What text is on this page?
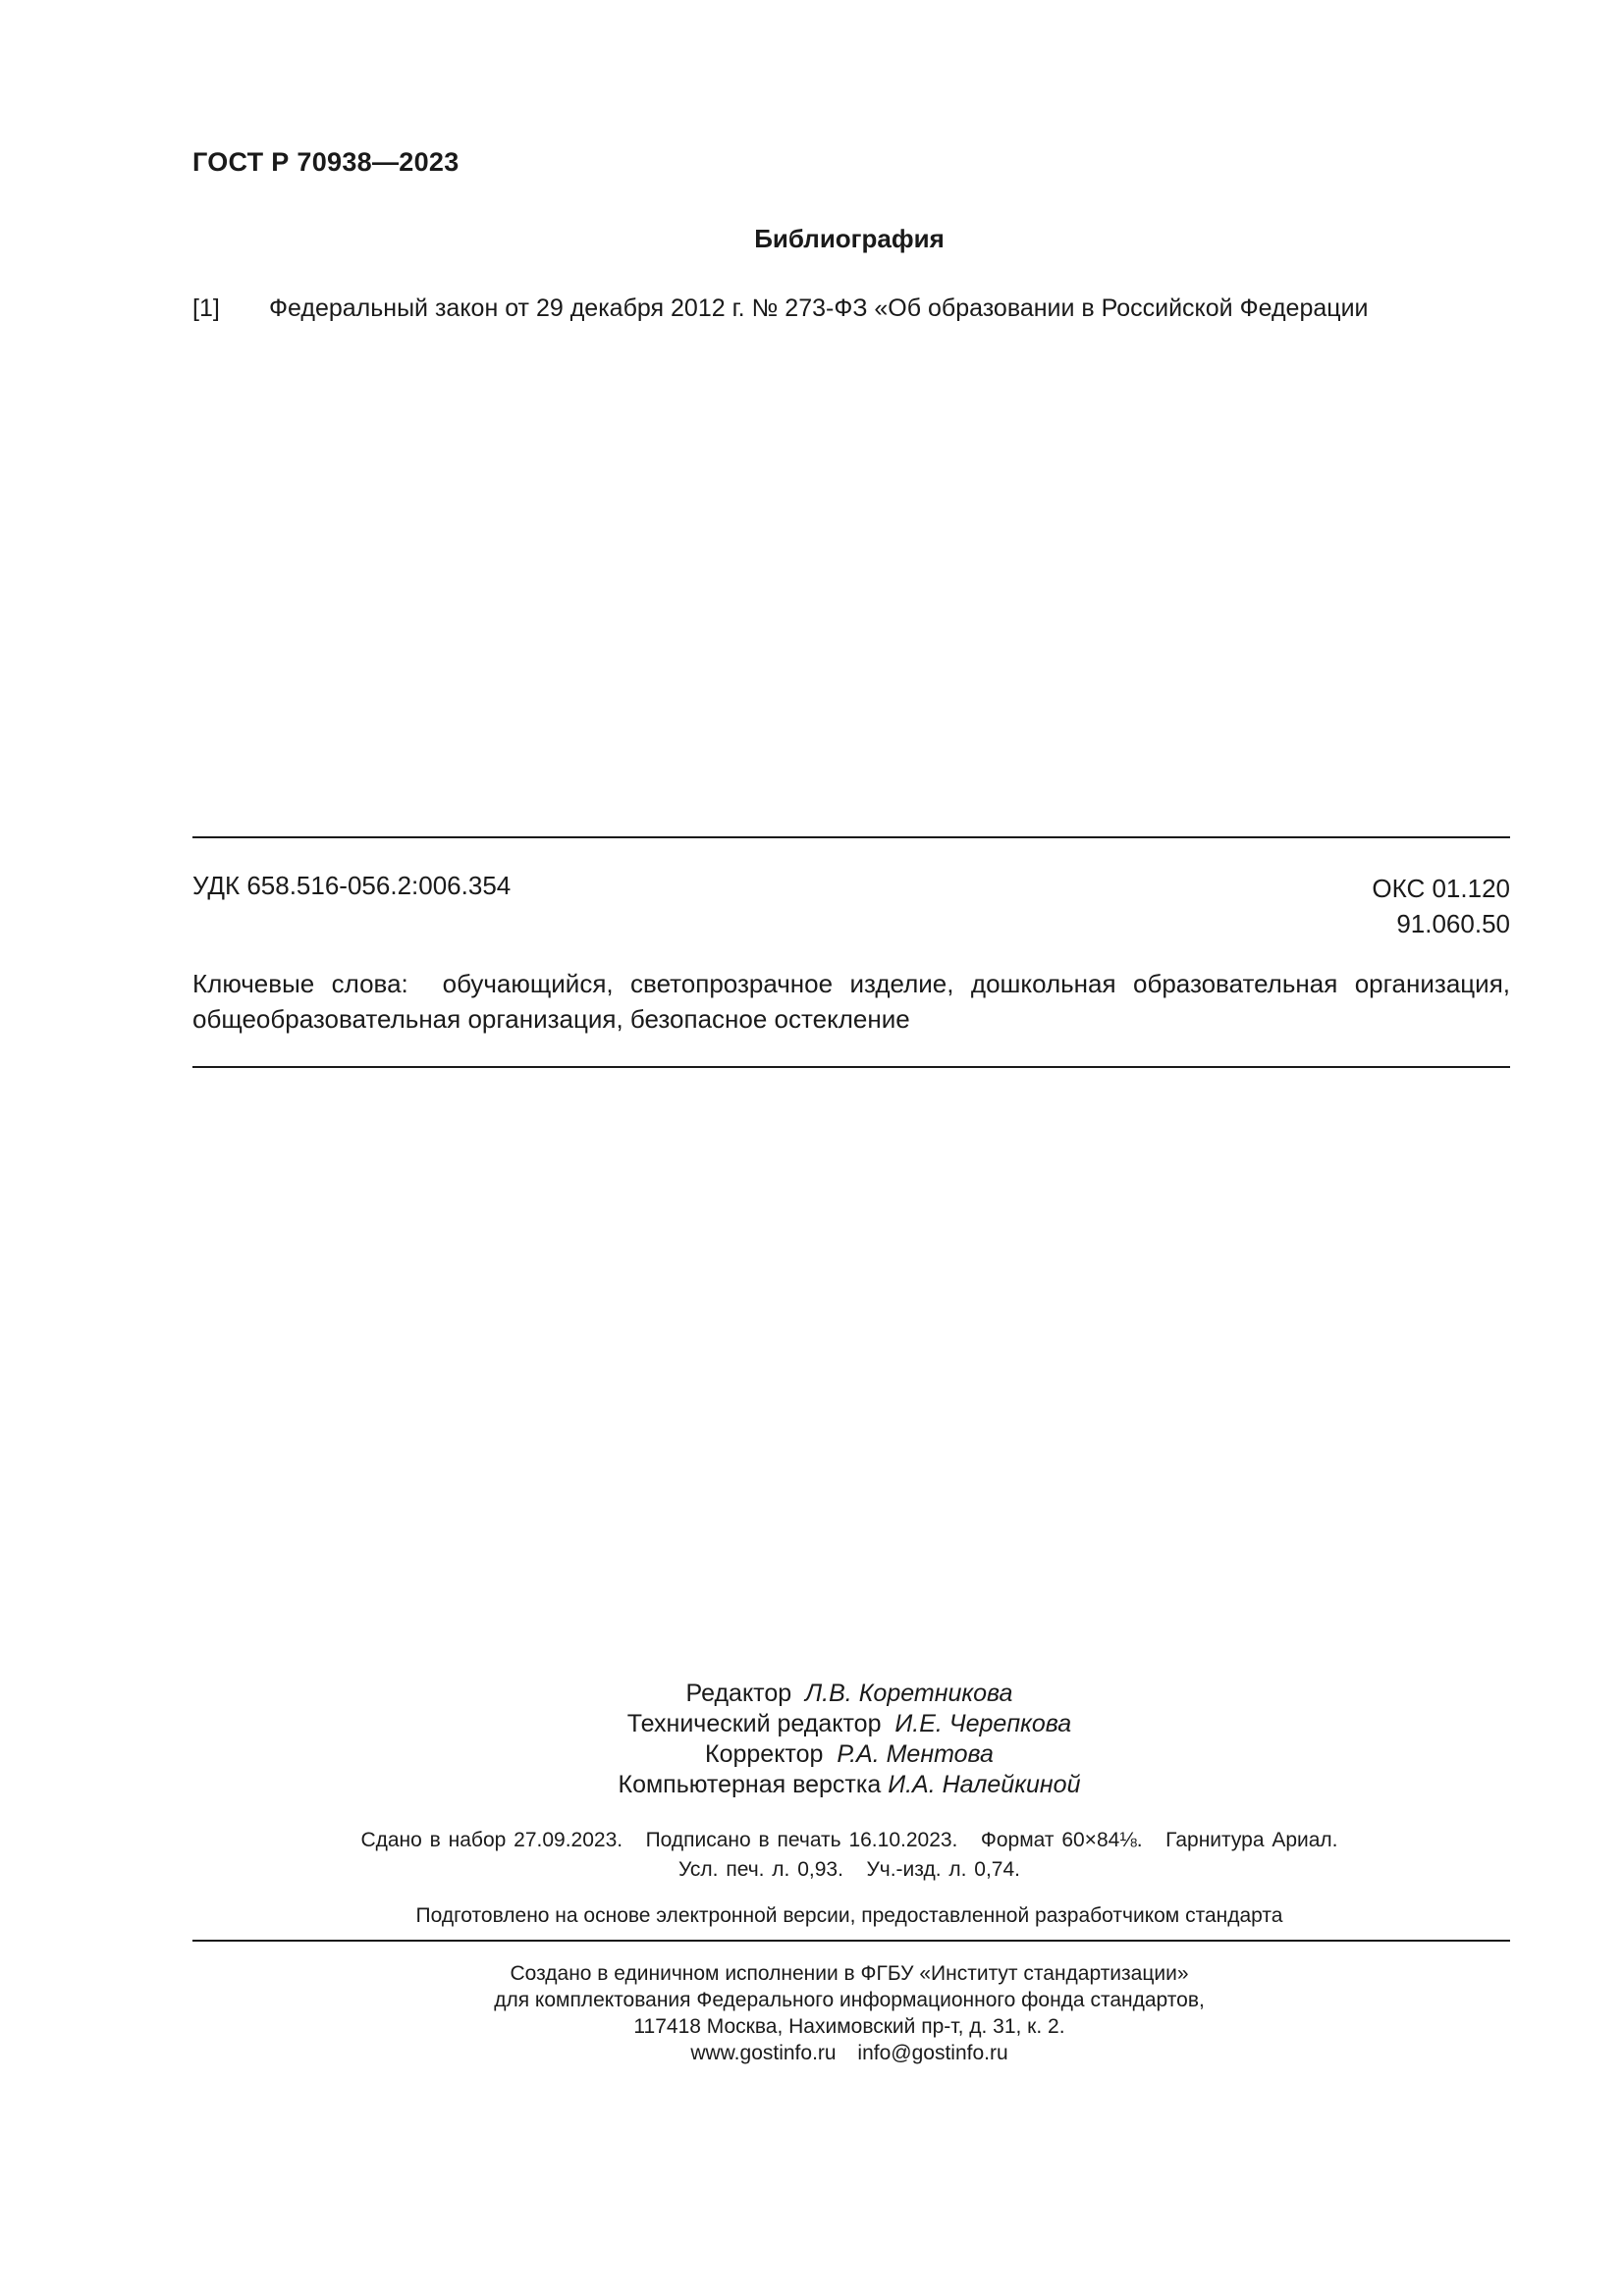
ГОСТ Р 70938—2023
Библиография
[1]	Федеральный закон от 29 декабря 2012 г. № 273-ФЗ «Об образовании в Российской Федерации
УДК 658.516-056.2:006.354	ОКС 01.120
91.060.50
Ключевые слова: обучающийся, светопрозрачное изделие, дошкольная образовательная организация, общеобразовательная организация, безопасное остекление
Редактор Л.В. Коретникова
Технический редактор И.Е. Черепкова
Корректор Р.А. Ментова
Компьютерная верстка И.А. Налейкиной
Сдано в набор 27.09.2023.   Подписано в печать 16.10.2023.   Формат 60×84⅛.   Гарнитура Ариал.
Усл. печ. л. 0,93.   Уч.-изд. л. 0,74.
Подготовлено на основе электронной версии, предоставленной разработчиком стандарта
Создано в единичном исполнении в ФГБУ «Институт стандартизации»
для комплектования Федерального информационного фонда стандартов,
117418 Москва, Нахимовский пр-т, д. 31, к. 2.
www.gostinfo.ru info@gostinfo.ru
